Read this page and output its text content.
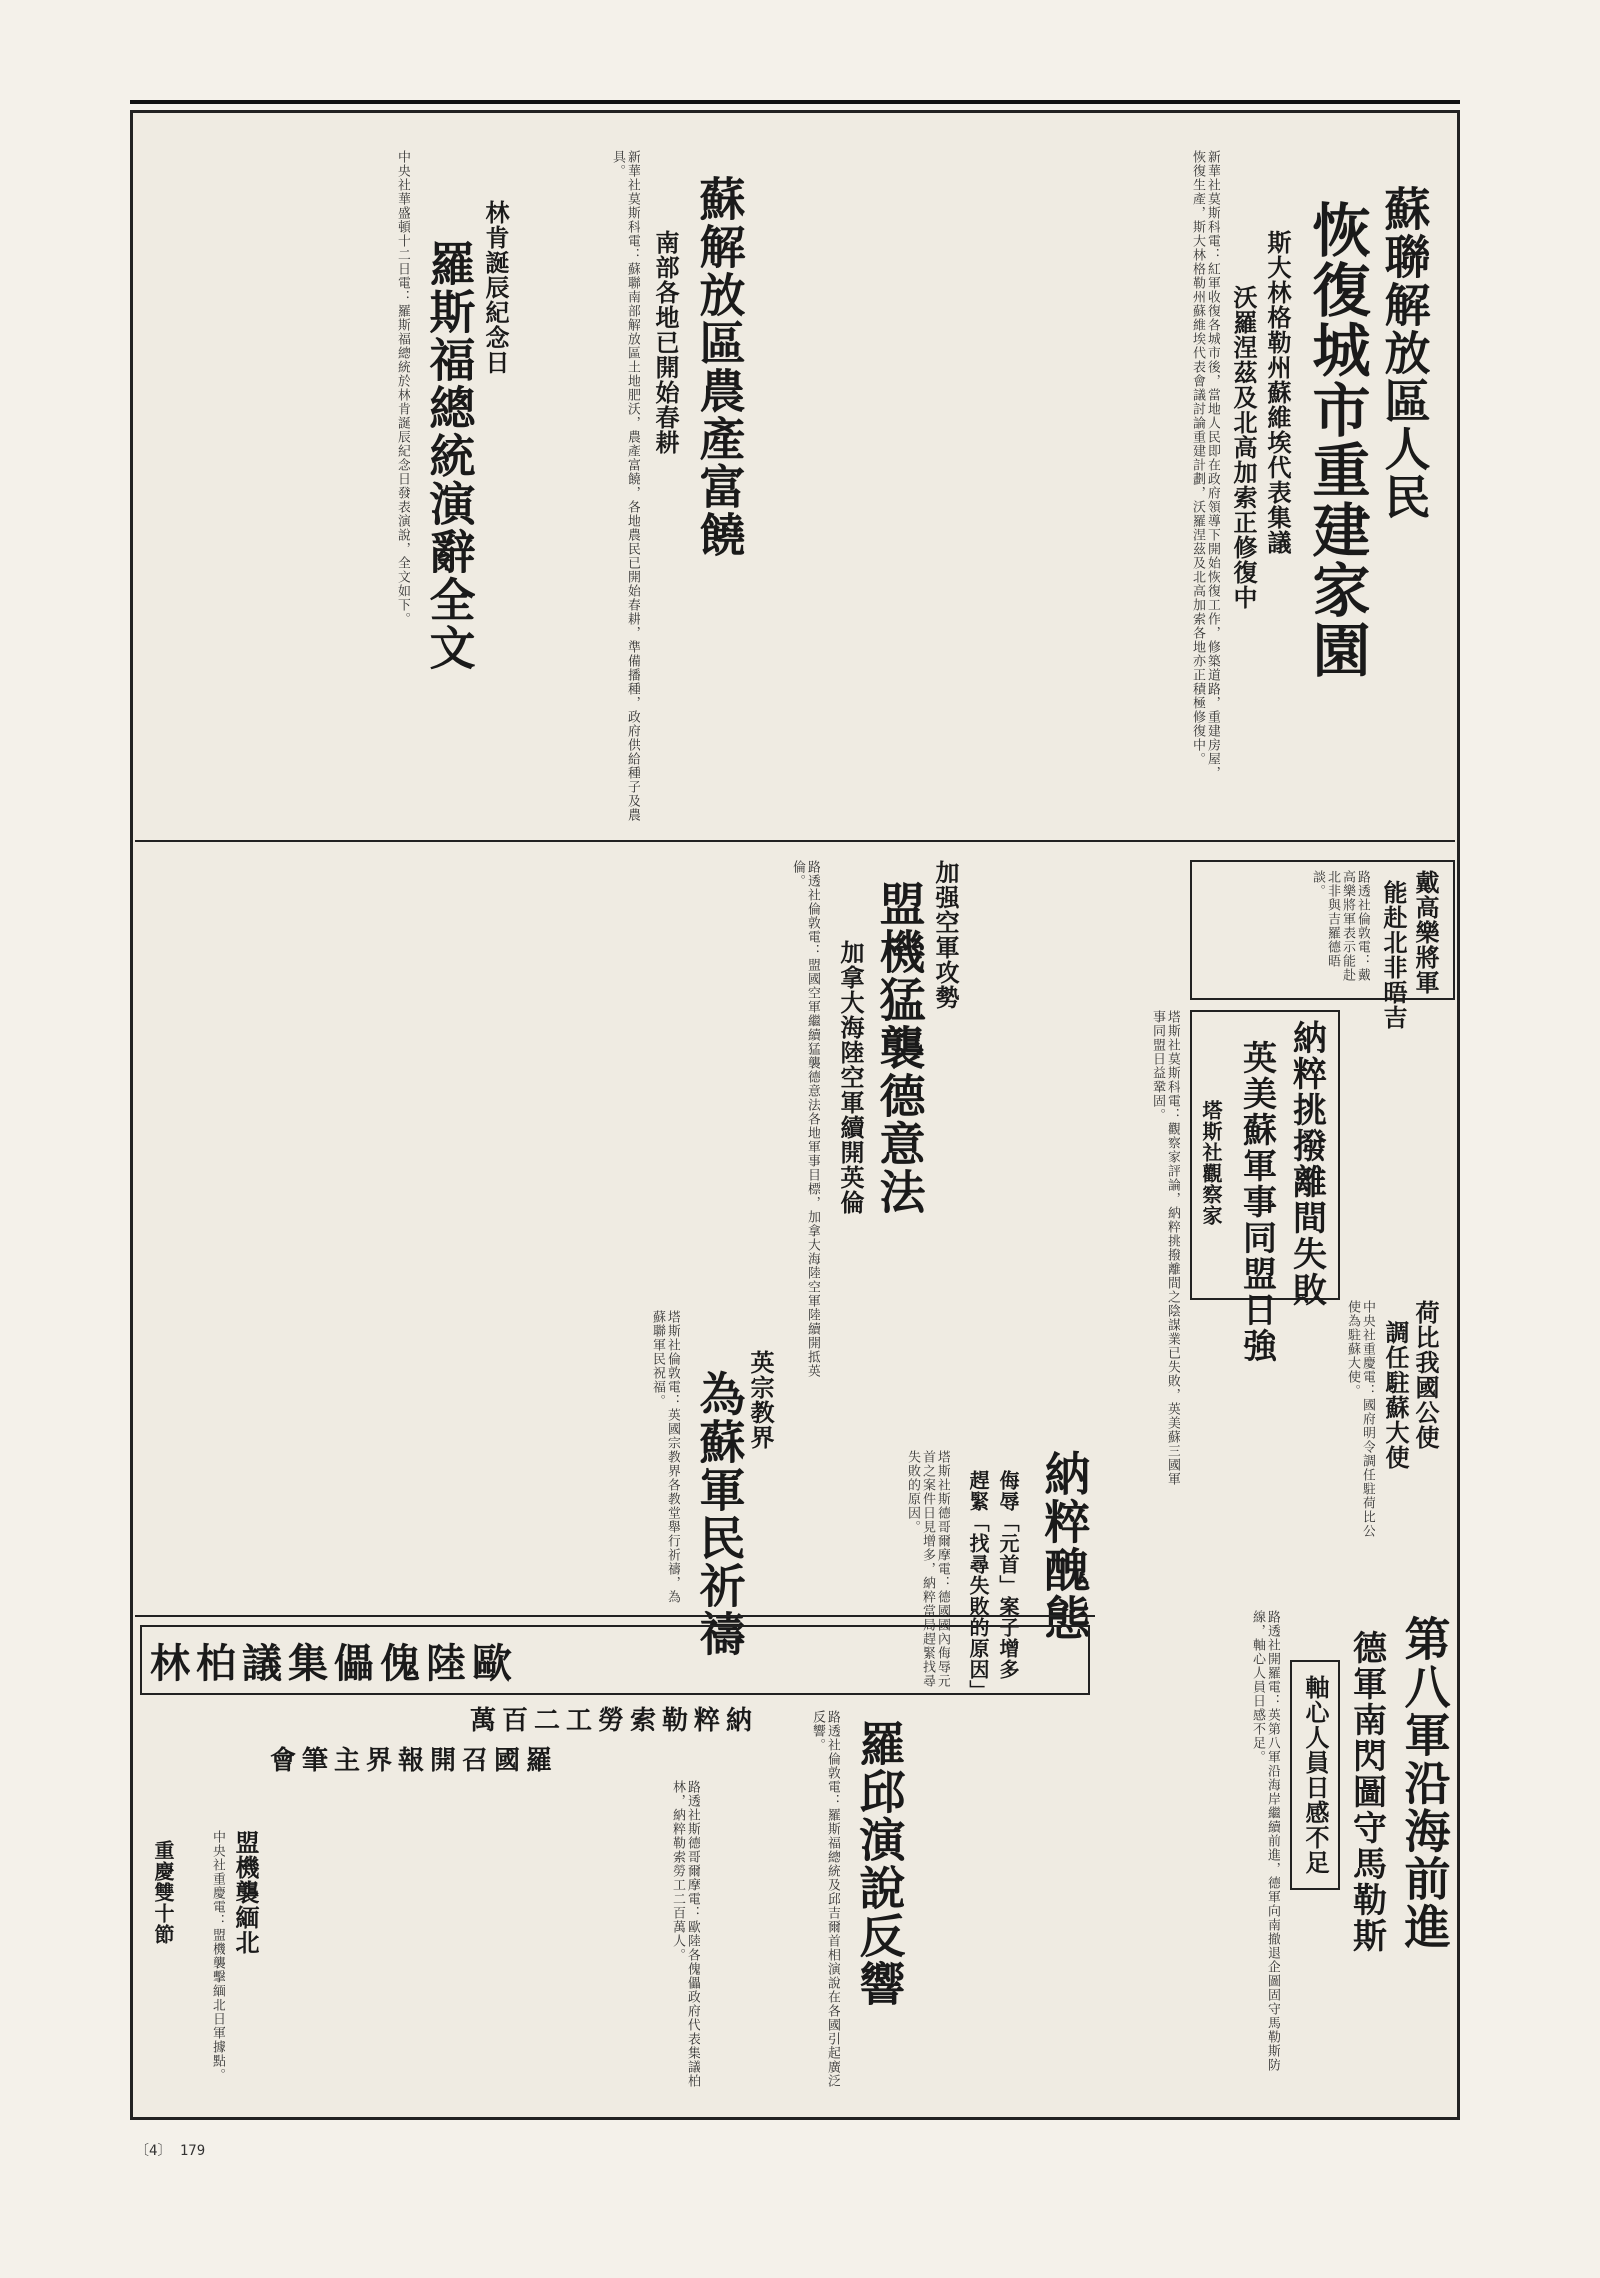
蘇聯解放區人民
恢復城市重建家園
斯大林格勒州蘇維埃代表集議
沃羅涅茲及北高加索正修復中
新華社莫斯科電：紅軍收復各城市後，當地人民即在政府領導下開始恢復工作，修築道路，重建房屋，恢復生產，斯大林格勒州蘇維埃代表會議討論重建計劃，沃羅涅茲及北高加索各地亦正積極修復中。
蘇解放區農產富饒
南部各地已開始春耕
新華社莫斯科電：蘇聯南部解放區土地肥沃，農產富饒，各地農民已開始春耕，準備播種，政府供給種子及農具。
林肯誕辰紀念日
羅斯福總統演辭全文
中央社華盛頓十二日電：羅斯福總統於林肯誕辰紀念日發表演說，全文如下。
加强空軍攻勢
盟機猛襲德意法
加拿大海陸空軍續開英倫
路透社倫敦電：盟國空軍繼續猛襲德意法各地軍事目標，加拿大海陸空軍陸續開抵英倫。
納粹挑撥離間失敗
英美蘇軍事同盟日強
塔斯社觀察家
塔斯社莫斯科電：觀察家評論，納粹挑撥離間之陰謀業已失敗，英美蘇三國軍事同盟日益鞏固。
荷比我國公使
調任駐蘇大使
中央社重慶電：國府明令調任駐荷比公使為駐蘇大使。
戴高樂將軍
能赴北非晤吉
路透社倫敦電：戴高樂將軍表示能赴北非與吉羅德晤談。
英宗教界
為蘇軍民祈禱
塔斯社倫敦電：英國宗教界各教堂舉行祈禱，為蘇聯軍民祝福。
納粹醜態
侮辱「元首」案子增多
趕緊「找尋失敗的原因」
塔斯社斯德哥爾摩電：德國國內侮辱元首之案件日見增多，納粹當局趕緊找尋失敗的原因。
第八軍沿海前進
德軍南閃圖守馬勒斯
軸心人員日感不足
路透社開羅電：英第八軍沿海岸繼續前進，德軍向南撤退企圖固守馬勒斯防線，軸心人員日感不足。
羅邱演說反響
路透社倫敦電：羅斯福總統及邱吉爾首相演說在各國引起廣泛反響。
歐陸傀儡集議柏林
納粹勒索勞工二百萬
羅國召開報界主筆會
路透社斯德哥爾摩電：歐陸各傀儡政府代表集議柏林，納粹勒索勞工二百萬人。
盟機襲緬北
中央社重慶電：盟機襲擊緬北日軍據點。
重慶雙十節
〔4〕 179
